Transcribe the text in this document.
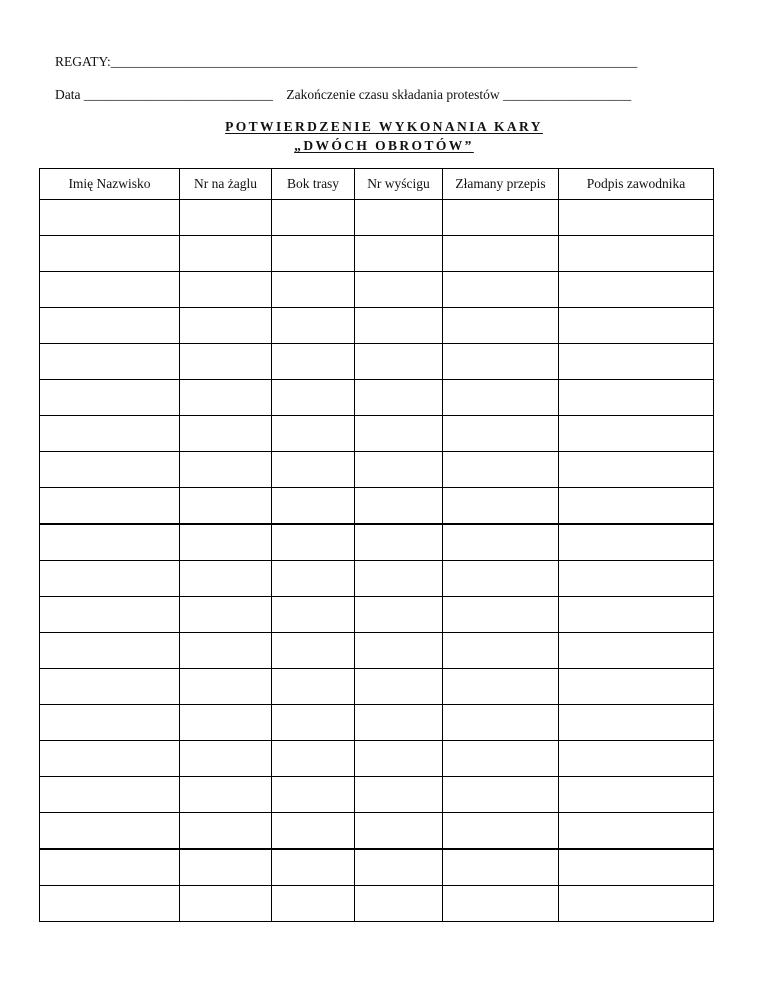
REGATY:______________________________________________________________________________
Data ____________________________ Zakończenie czasu składania protestów ___________________
POTWIERDZENIE WYKONANIA KARY
„DWÓCH OBROTÓW”
Imię Nazwisko	Nr na żaglu	Bok trasy	Nr wyścigu	Złamany przepis	Podpis zawodnika
